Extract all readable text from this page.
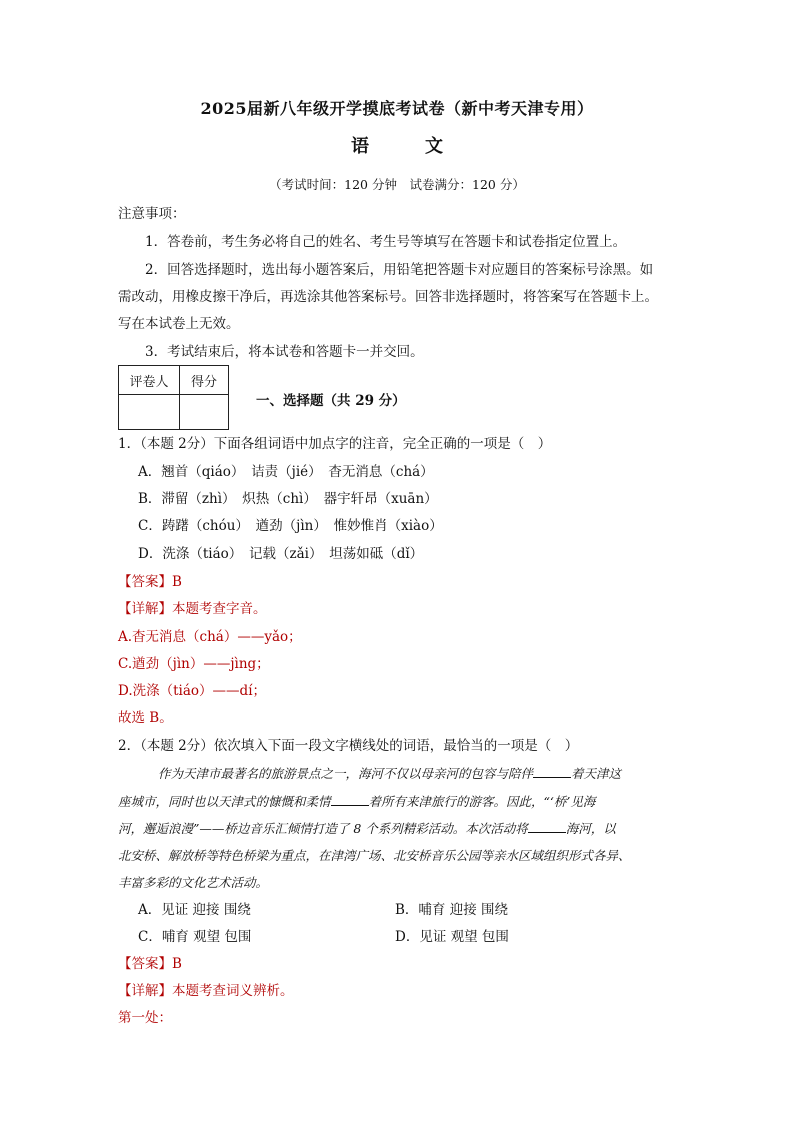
2025届新八年级开学摸底考试卷（新中考天津专用）
语文
（考试时间：120 分钟　试卷满分：120 分）
注意事项：
1．答卷前，考生务必将自己的姓名、考生号等填写在答题卡和试卷指定位置上。
2．回答选择题时，选出每小题答案后，用铅笔把答题卡对应题目的答案标号涂黑。如
需改动，用橡皮擦干净后，再选涂其他答案标号。回答非选择题时，将答案写在答题卡上。
写在本试卷上无效。
3．考试结束后，将本试卷和答题卡一并交回。
评卷人	得分

一、选择题（共 29 分）
1．（本题 2分）下面各组词语中加点字的注音，完全正确的一项是（　）
A．翘首（qiáo）　诘责（jié）　杳无消息（chá）
B．滞留（zhì）　炽热（chì）　器宇轩昂（xuān）
C．踌躇（chóu）　遒劲（jìn）　惟妙惟肖（xiào）
D．洗涤（tiáo）　记载（zǎi）　坦荡如砥（dǐ）
【答案】B
【详解】本题考查字音。
A.杳无消息（chá）——yǎo；
C.遒劲（jìn）——jìng；
D.洗涤（tiáo）——dí；
故选 B。
2．（本题 2分）依次填入下面一段文字横线处的词语，最恰当的一项是（　）
作为天津市最著名的旅游景点之一，海河不仅以母亲河的包容与陪伴	着天津这
座城市，同时也以天津式的慷慨和柔情	着所有来津旅行的游客。因此，“‘桥’见海
河，邂逅浪漫”——桥边音乐汇倾情打造了 8 个系列精彩活动。本次活动将	海河，以
北安桥、解放桥等特色桥梁为重点，在津湾广场、北安桥音乐公园等亲水区域组织形式各异、
丰富多彩的文化艺术活动。
A．见证 迎接 围绕	B．哺育 迎接 围绕
C．哺育 观望 包围	D．见证 观望 包围
【答案】B
【详解】本题考查词义辨析。
第一处：
